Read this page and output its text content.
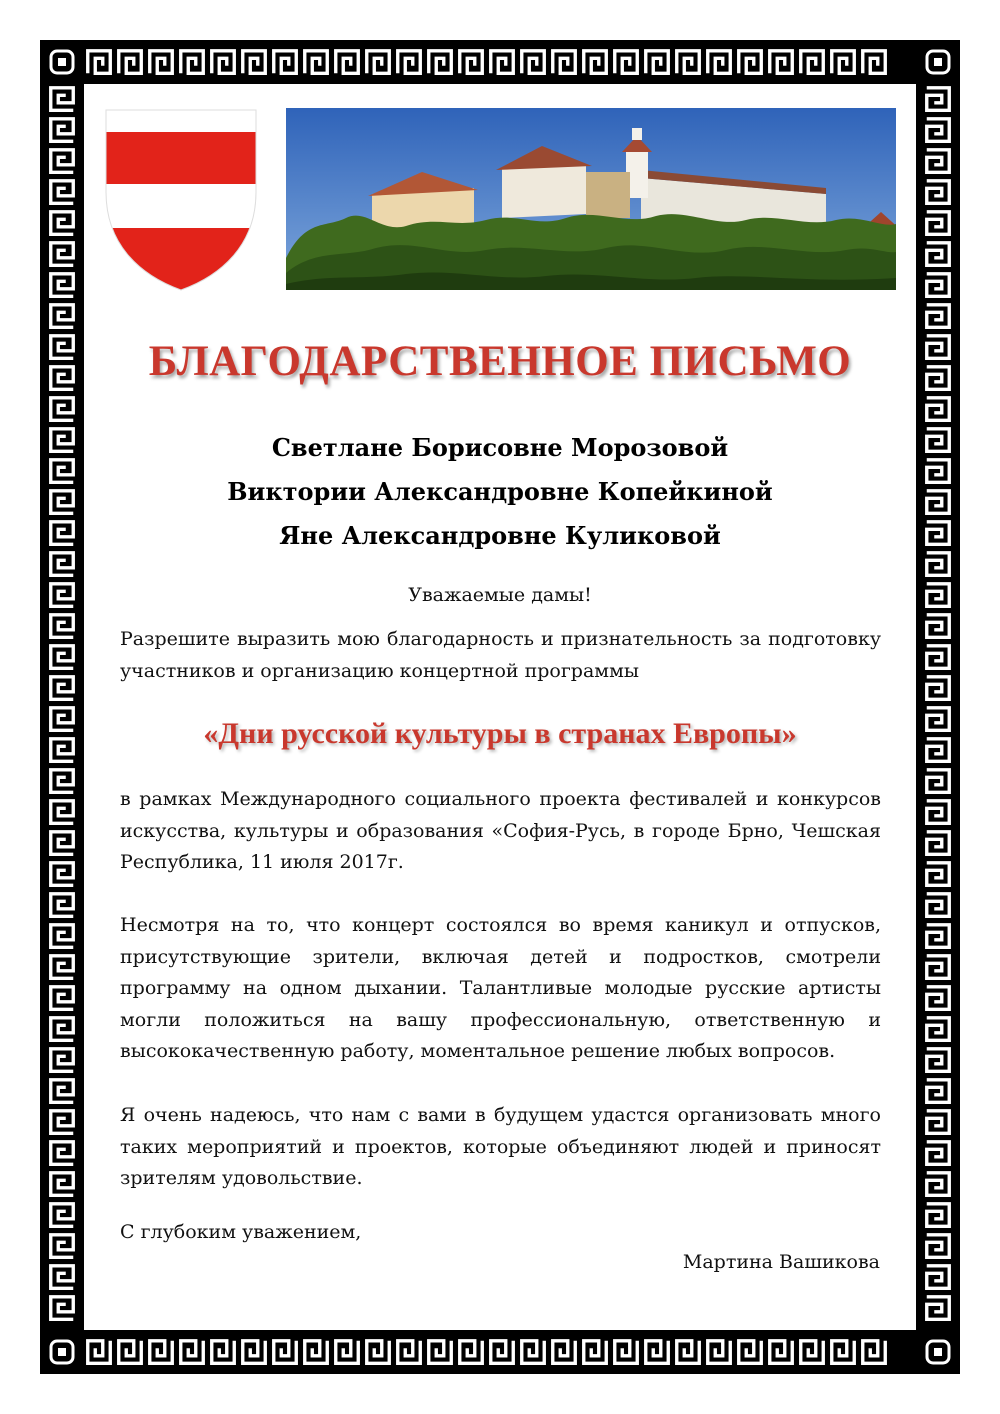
БЛАГОДАРСТВЕННОЕ ПИСЬМО
Светлане Борисовне Морозовой
Виктории Александровне Копейкиной
Яне Александровне Куликовой
Уважаемые дамы!
Разрешите выразить мою благодарность и признательность за подготовку участников и организацию концертной программы
«Дни русской культуры в странах Европы»
в рамках Международного социального проекта фестивалей и конкурсов искусства, культуры и образования «София-Русь, в городе Брно, Чешская Республика, 11 июля 2017г.
Несмотря на то, что концерт состоялся во время каникул и отпусков, присутствующие зрители, включая детей и подростков, смотрели программу на одном дыхании. Талантливые молодые русские артисты могли положиться на вашу профессиональную, ответственную и высококачественную работу, моментальное решение любых вопросов.
Я очень надеюсь, что нам с вами в будущем удастся организовать много таких мероприятий и проектов, которые объединяют людей и приносят зрителям удовольствие.
С глубоким уважением,
Мартина Вашикова
